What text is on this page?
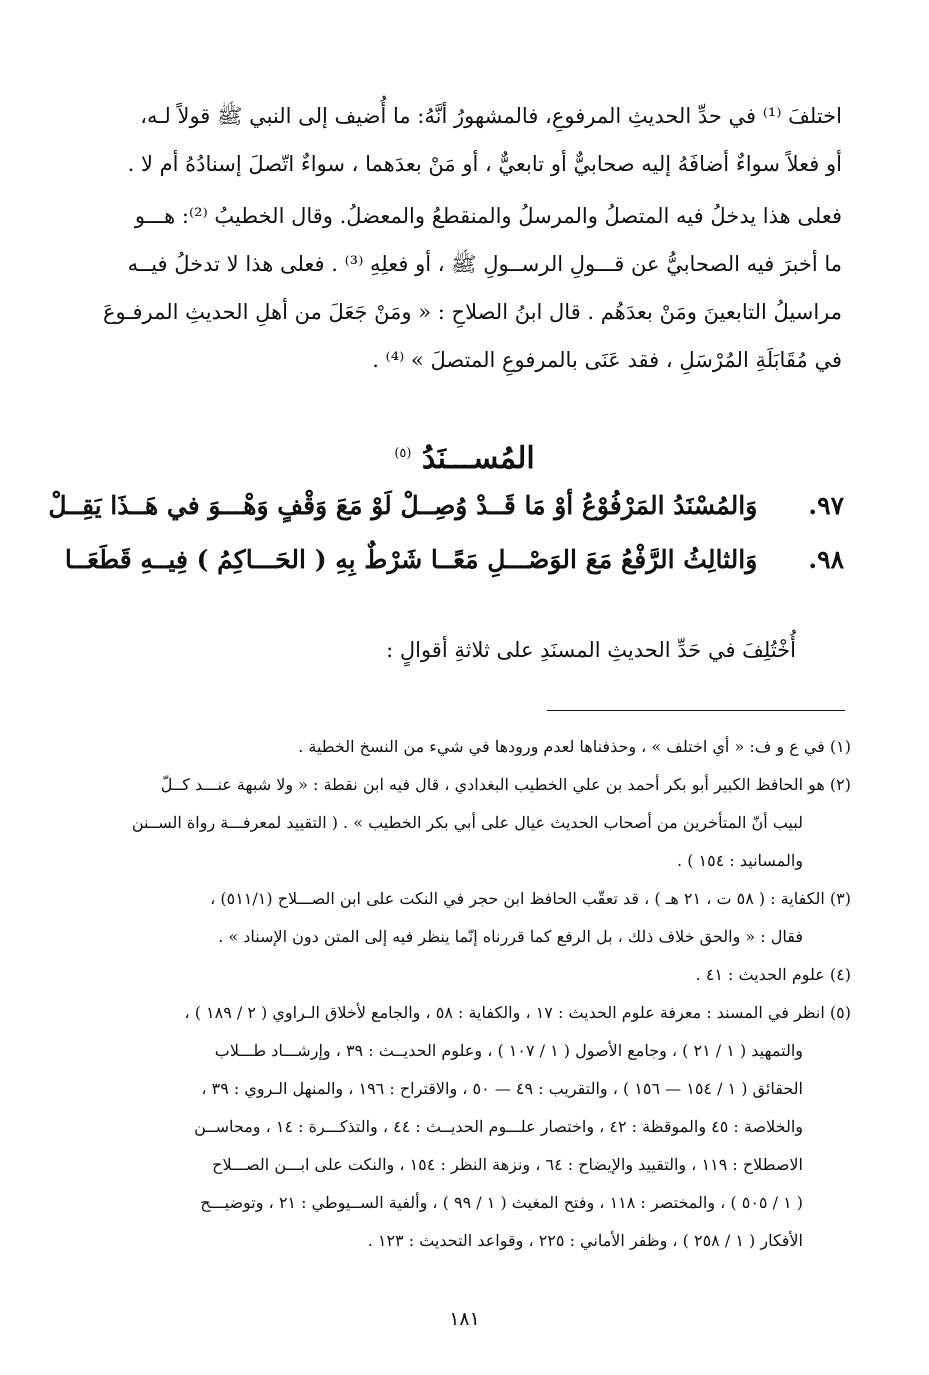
اختلفَ ⁽¹⁾ في حدِّ الحديثِ المرفوعِ، فالمشهورُ أنَّهُ: ما أُضيف إلى النبي ﷺ قولاً لـه،
أو فعلاً سواءٌ أضافَهُ إليه صحابيٌّ أو تابعيٌّ ، أو مَنْ بعدَهما ، سواءٌ اتّصلَ إسنادُهُ أم لا .
فعلى هذا يدخلُ فيه المتصلُ والمرسلُ والمنقطعُ والمعضلُ. وقال الخطيبُ ⁽²⁾: هـــو
ما أخبرَ فيه الصحابيُّ عن قـــولِ الرســولِ ﷺ ، أو فعلِهِ ⁽³⁾ . فعلى هذا لا تدخلُ فيــه
مراسيلُ التابعينَ ومَنْ بعدَهُم . قال ابنُ الصلاحِ : « ومَنْ جَعَلَ من أهلِ الحديثِ المرفـوعَ
في مُقَابَلَةِ المُرْسَلِ ، فقد عَنَى بالمرفوعِ المتصلَ » ⁽⁴⁾ .
المُســـنَدُ $^{(٥)}$
٩٧. وَالمُسْنَدُ المَرْفُوْعُ أوْ مَا قَــدْ وُصِــلْ لَوْ مَعَ وَقْفٍ وَهْـــوَ في هَــذَا يَقِــلْ
٩٨. وَالثالِثُ الرَّفْعُ مَعَ الوَصْـــلِ مَعًــا شَرْطٌ بِهِ ( الحَـــاكِمُ ) فِيــهِ قَطَعَــا
أُخْتُلِفَ في حَدِّ الحديثِ المسنَدِ على ثلاثةِ أقوالٍ :
(١) في ع و ف: « أي اختلف » ، وحذفناها لعدم ورودها في شيء من النسخ الخطية .
(٢) هو الحافظ الكبير أبو بكر أحمد بن علي الخطيب البغدادي ، قال فيه ابن نقطة : « ولا شبهة عنـــد كــلّ
لبيب أنّ المتأخرين من أصحاب الحديث عيال على أبي بكر الخطيب » . ( التقييد لمعرفـــة رواة الســنن
والمسانيد : ١٥٤ ) .
(٣) الكفاية : ( ٥٨ ت ، ٢١ هـ ) ، قد تعقّب الحافظ ابن حجر في النكت على ابن الصـــلاح (٥١١/١) ،
فقال : « والحق خلاف ذلك ، بل الرفع كما قررناه إنّما ينظر فيه إلى المتن دون الإسناد » .
(٤) علوم الحديث : ٤١ .
(٥) انظر في المسند : معرفة علوم الحديث : ١٧ ، والكفاية : ٥٨ ، والجامع لأخلاق الـراوي ( ٢ / ١٨٩ ) ،
والتمهيد ( ١ / ٢١ ) ، وجامع الأصول ( ١ / ١٠٧ ) ، وعلوم الحديــث : ٣٩ ، وإرشـــاد طـــلاب
الحقائق ( ١ / ١٥٤ — ١٥٦ ) ، والتقريب : ٤٩ — ٥٠ ، والاقتراح : ١٩٦ ، والمنهل الـروي : ٣٩ ،
والخلاصة : ٤٥ والموقظة : ٤٢ ، واختصار علـــوم الحديــث : ٤٤ ، والتذكـــرة : ١٤ ، ومحاســن
الاصطلاح : ١١٩ ، والتقييد والإيضاح : ٦٤ ، ونزهة النظر : ١٥٤ ، والنكت على ابـــن الصـــلاح
( ١ / ٥٠٥ ) ، والمختصر : ١١٨ ، وفتح المغيث ( ١ / ٩٩ ) ، وألفية الســيوطي : ٢١ ، وتوضيـــح
الأفكار ( ١ / ٢٥٨ ) ، وظفر الأماني : ٢٢٥ ، وقواعد التحديث : ١٢٣ .
١٨١
